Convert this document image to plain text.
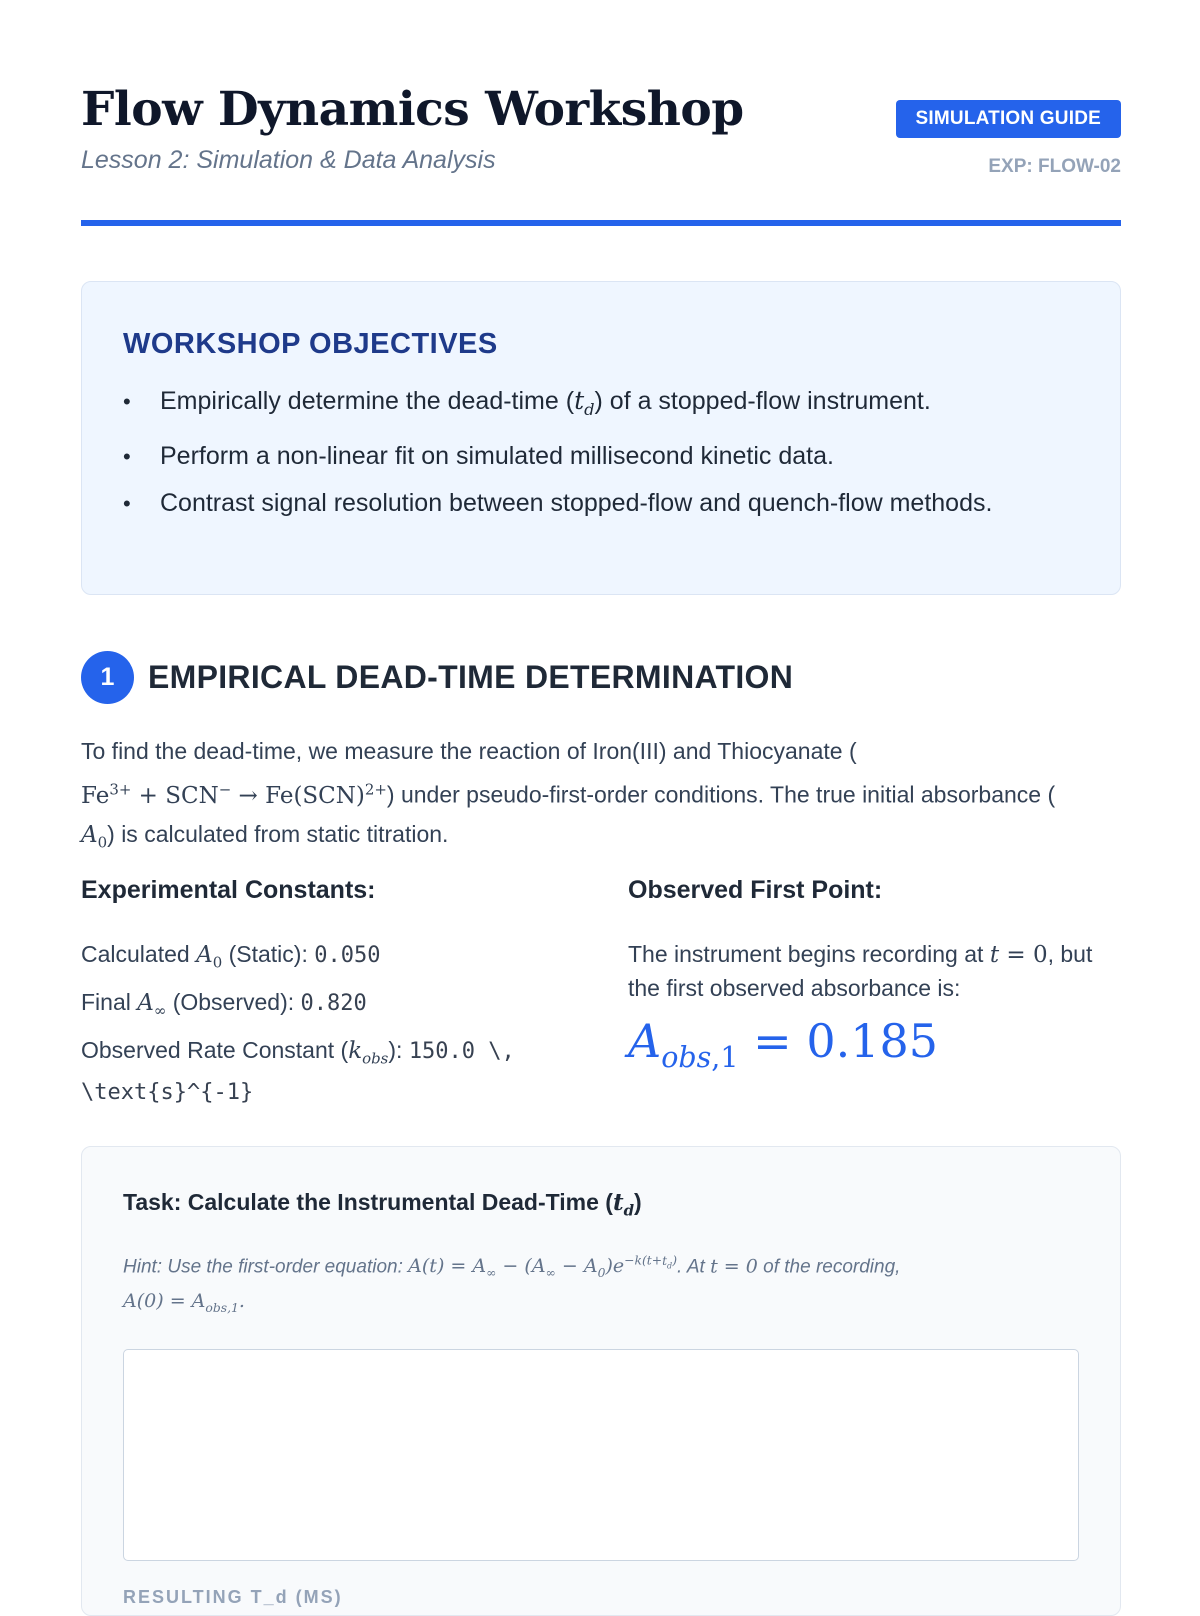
Flow Dynamics Workshop
Lesson 2: Simulation & Data Analysis
SIMULATION GUIDE
EXP: FLOW-02
WORKSHOP OBJECTIVES
• Empirically determine the dead-time $(t_d)$ of a stopped-flow instrument.
• Perform a non-linear fit on simulated millisecond kinetic data.
• Contrast signal resolution between stopped-flow and quench-flow methods.
1	EMPIRICAL DEAD-TIME DETERMINATION

To find the dead-time, we measure the reaction of Iron(III) and Thiocyanate (
$Fe^{3+} + SCN^- \to Fe(SCN)^{2+}$) under pseudo-first-order conditions. The true initial absorbance (
$A_0$) is calculated from static titration.

Experimental Constants:

Calculated $A_0$ (Static): 0.050

Final $A_\infty$ (Observed): 0.820

Observed Rate Constant $(k_{obs})$: 150.0 \, \text{s}^{-1}

Observed First Point:

The instrument begins recording at t = 0, but the first observed absorbance is:

$A_{obs,1} = 0.185$
Task: Calculate the Instrumental Dead-Time $(t_d)$

Hint: Use the first-order equation: $A(t) = A_\infty - (A_\infty - A_0)e^{-k(t+t_d)}$. At t = 0 of the recording,
$A(0) = A_{obs,1}$.

RESULTING T_d (MS)
